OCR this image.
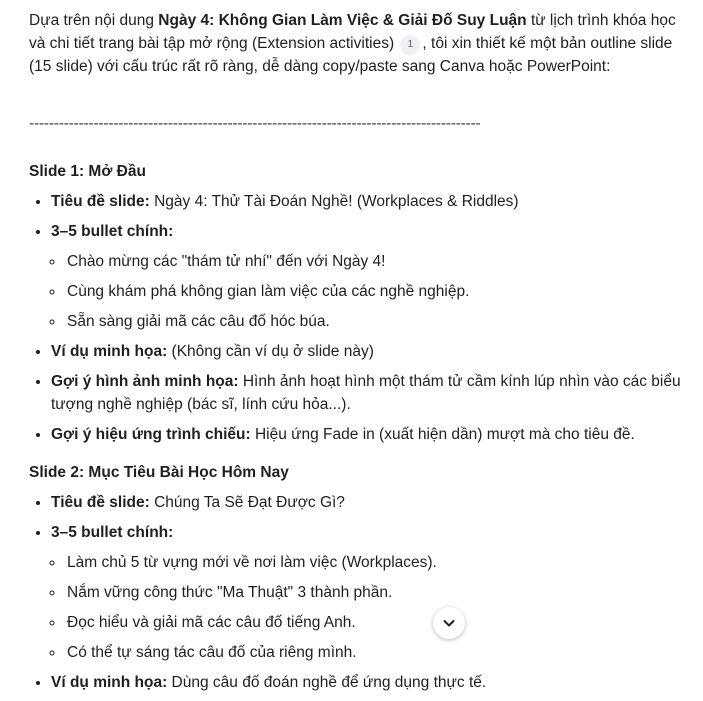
Dựa trên nội dung Ngày 4: Không Gian Làm Việc & Giải Đố Suy Luận từ lịch trình khóa học và chi tiết trang bài tập mở rộng (Extension activities) 1 , tôi xin thiết kế một bản outline slide (15 slide) với cấu trúc rất rõ ràng, dễ dàng copy/paste sang Canva hoặc PowerPoint:

-------------------------------------------------------------------------------------------
Slide 1: Mở Đầu
• Tiêu đề slide: Ngày 4: Thử Tài Đoán Nghề! (Workplaces & Riddles)
• 3–5 bullet chính:
◦ Chào mừng các "thám tử nhí" đến với Ngày 4!
◦ Cùng khám phá không gian làm việc của các nghề nghiệp.
◦ Sẵn sàng giải mã các câu đố hóc búa.
• Ví dụ minh họa: (Không cần ví dụ ở slide này)
• Gợi ý hình ảnh minh họa: Hình ảnh hoạt hình một thám tử cầm kính lúp nhìn vào các biểu tượng nghề nghiệp (bác sĩ, lính cứu hỏa...).
• Gợi ý hiệu ứng trình chiếu: Hiệu ứng Fade in (xuất hiện dần) mượt mà cho tiêu đề.
Slide 2: Mục Tiêu Bài Học Hôm Nay
• Tiêu đề slide: Chúng Ta Sẽ Đạt Được Gì?
• 3–5 bullet chính:
◦ Làm chủ 5 từ vựng mới về nơi làm việc (Workplaces).
◦ Nắm vững công thức "Ma Thuật" 3 thành phần.
◦ Đọc hiểu và giải mã các câu đố tiếng Anh.
◦ Có thể tự sáng tác câu đố của riêng mình.
• Ví dụ minh họa: Dùng câu đố đoán nghề để ứng dụng thực tế.
